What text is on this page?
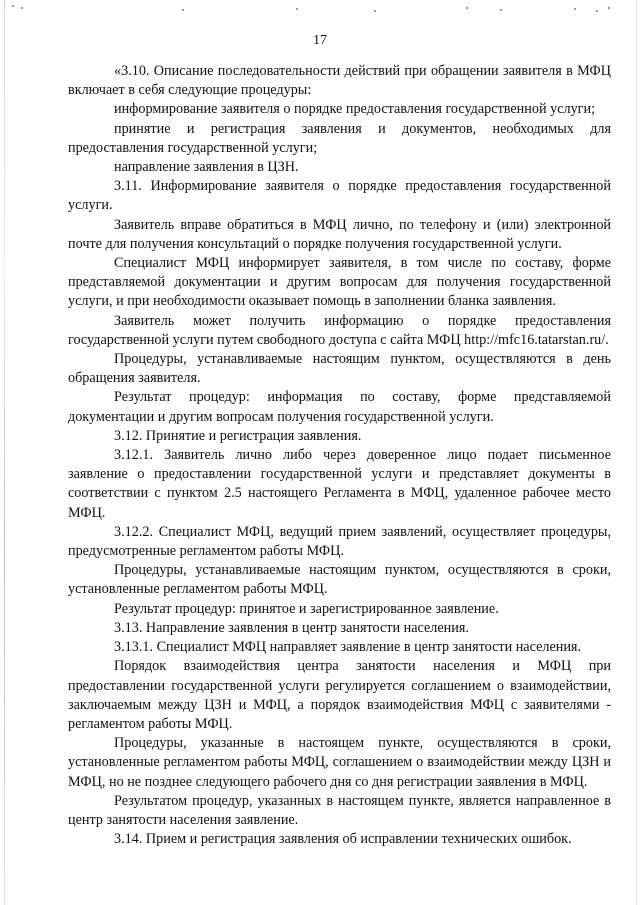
17

«3.10. Описание последовательности действий при обращении заявителя в МФЦ включает в себя следующие процедуры:

информирование заявителя о порядке предоставления государственной услуги;

принятие и регистрация заявления и документов, необходимых для предоставления государственной услуги;

направление заявления в ЦЗН.

3.11. Информирование заявителя о порядке предоставления государственной услуги.

Заявитель вправе обратиться в МФЦ лично, по телефону и (или) электронной почте для получения консультаций о порядке получения государственной услуги.

Специалист МФЦ информирует заявителя, в том числе по составу, форме представляемой документации и другим вопросам для получения государственной услуги, и при необходимости оказывает помощь в заполнении бланка заявления.

Заявитель может получить информацию о порядке предоставления государственной услуги путем свободного доступа с сайта МФЦ http://mfc16.tatarstan.ru/.

Процедуры, устанавливаемые настоящим пунктом, осуществляются в день обращения заявителя.

Результат процедур: информация по составу, форме представляемой документации и другим вопросам получения государственной услуги.

3.12. Принятие и регистрация заявления.

3.12.1. Заявитель лично либо через доверенное лицо подает письменное заявление о предоставлении государственной услуги и представляет документы в соответствии с пунктом 2.5 настоящего Регламента в МФЦ, удаленное рабочее место МФЦ.

3.12.2. Специалист МФЦ, ведущий прием заявлений, осуществляет процедуры, предусмотренные регламентом работы МФЦ.

Процедуры, устанавливаемые настоящим пунктом, осуществляются в сроки, установленные регламентом работы МФЦ.

Результат процедур: принятое и зарегистрированное заявление.

3.13. Направление заявления в центр занятости населения.

3.13.1. Специалист МФЦ направляет заявление в центр занятости населения.

Порядок взаимодействия центра занятости населения и МФЦ при предоставлении государственной услуги регулируется соглашением о взаимодействии, заключаемым между ЦЗН и МФЦ, а порядок взаимодействия МФЦ с заявителями - регламентом работы МФЦ.

Процедуры, указанные в настоящем пункте, осуществляются в сроки, установленные регламентом работы МФЦ, соглашением о взаимодействии между ЦЗН и МФЦ, но не позднее следующего рабочего дня со дня регистрации заявления в МФЦ.

Результатом процедур, указанных в настоящем пункте, является направленное в центр занятости населения заявление.

3.14. Прием и регистрация заявления об исправлении технических ошибок.
